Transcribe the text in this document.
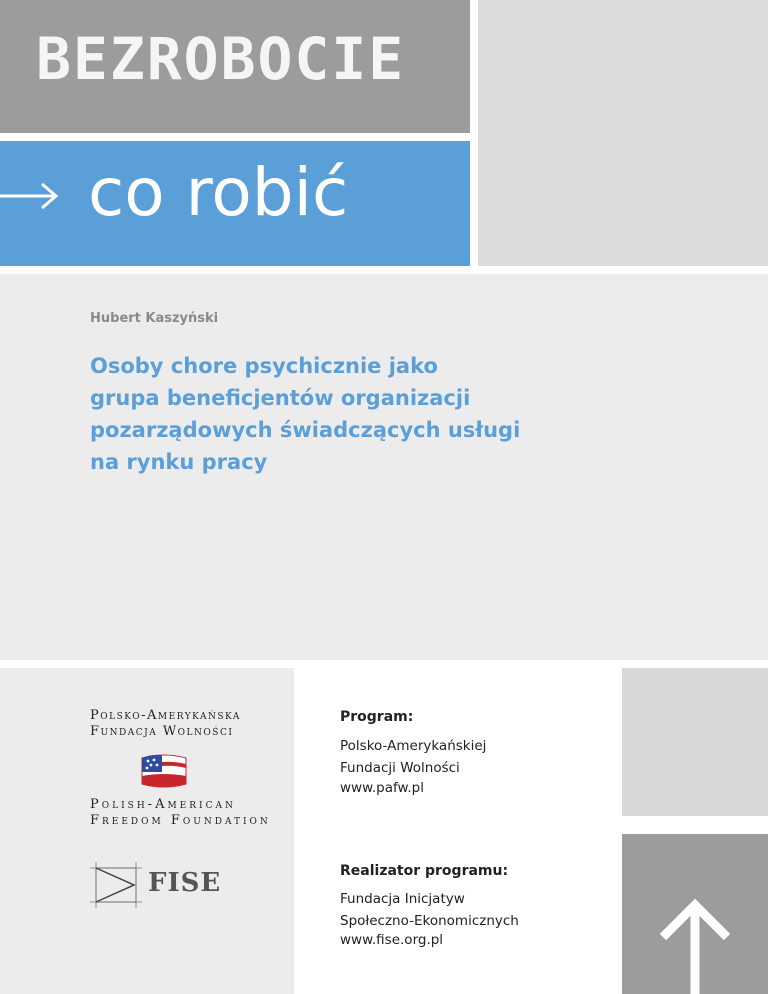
BEZROBOCIE
co robić
Hubert Kaszyński
Osoby chore psychicznie jako
grupa beneficjentów organizacji
pozarządowych świadczących usługi
na rynku pracy
Polsko-Amerykańska
Fundacja Wolności
Polish-American
Freedom Foundation
FISE
Program:
Polsko-Amerykańskiej
Fundacji Wolności
www.pafw.pl
Realizator programu:
Fundacja Inicjatyw
Społeczno-Ekonomicznych
www.fise.org.pl
